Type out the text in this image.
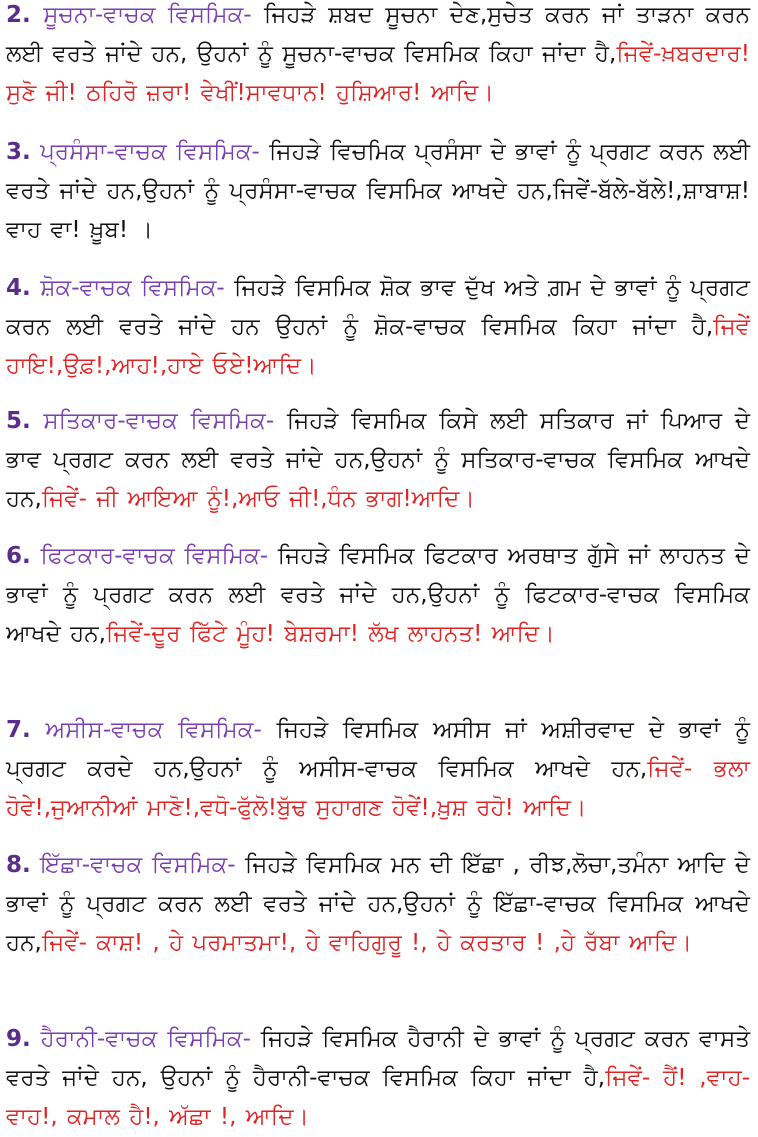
2. ਸੂਚਨਾ-ਵਾਚਕ ਵਿਸਮਿਕ- ਜਿਹੜੇ ਸ਼ਬਦ ਸੂਚਨਾ ਦੇਣ,ਸੁਚੇਤ ਕਰਨ ਜਾਂ ਤਾੜਨਾ ਕਰਨ ਲਈ ਵਰਤੇ ਜਾਂਦੇ ਹਨ, ਉਹਨਾਂ ਨੂੰ ਸੂਚਨਾ-ਵਾਚਕ ਵਿਸਮਿਕ ਕਿਹਾ ਜਾਂਦਾ ਹੈ,ਜਿਵੇਂ-ਖ਼ਬਰਦਾਰ! ਸੁਣੋ ਜੀ! ਠਹਿਰੋ ਜ਼ਰਾ! ਵੇਖੀਂ!ਸਾਵਧਾਨ! ਹੁਸ਼ਿਆਰ! ਆਦਿ।

3. ਪ੍ਰਸੰਸਾ-ਵਾਚਕ ਵਿਸਮਿਕ- ਜਿਹੜੇ ਵਿਚਮਿਕ ਪ੍ਰਸੰਸਾ ਦੇ ਭਾਵਾਂ ਨੂੰ ਪ੍ਰਗਟ ਕਰਨ ਲਈ ਵਰਤੇ ਜਾਂਦੇ ਹਨ,ਉਹਨਾਂ ਨੂੰ ਪ੍ਰਸੰਸਾ-ਵਾਚਕ ਵਿਸਮਿਕ ਆਖਦੇ ਹਨ,ਜਿਵੇਂ-ਬੱਲੇ-ਬੱਲੇ!,ਸ਼ਾਬਾਸ਼!ਵਾਹ ਵਾ! ਖ਼ੂਬ! ।

4. ਸ਼ੋਕ-ਵਾਚਕ ਵਿਸਮਿਕ- ਜਿਹੜੇ ਵਿਸਮਿਕ ਸ਼ੋਕ ਭਾਵ ਦੁੱਖ ਅਤੇ ਗ਼ਮ ਦੇ ਭਾਵਾਂ ਨੂੰ ਪ੍ਰਗਟ ਕਰਨ ਲਈ ਵਰਤੇ ਜਾਂਦੇ ਹਨ ਉਹਨਾਂ ਨੂੰ ਸ਼ੋਕ-ਵਾਚਕ ਵਿਸਮਿਕ ਕਿਹਾ ਜਾਂਦਾ ਹੈ,ਜਿਵੇਂ ਹਾਇ!,ਉਫ਼!,ਆਹ!,ਹਾਏ ਓਏ!ਆਦਿ।

5. ਸਤਿਕਾਰ-ਵਾਚਕ ਵਿਸਮਿਕ- ਜਿਹੜੇ ਵਿਸਮਿਕ ਕਿਸੇ ਲਈ ਸਤਿਕਾਰ ਜਾਂ ਪਿਆਰ ਦੇ ਭਾਵ ਪ੍ਰਗਟ ਕਰਨ ਲਈ ਵਰਤੇ ਜਾਂਦੇ ਹਨ,ਉਹਨਾਂ ਨੂੰ ਸਤਿਕਾਰ-ਵਾਚਕ ਵਿਸਮਿਕ ਆਖਦੇ ਹਨ,ਜਿਵੇਂ- ਜੀ ਆਇਆ ਨੂੰ!,ਆਓ ਜੀ!,ਧੰਨ ਭਾਗ!ਆਦਿ।

6. ਫਿਟਕਾਰ-ਵਾਚਕ ਵਿਸਮਿਕ- ਜਿਹੜੇ ਵਿਸਮਿਕ ਫਿਟਕਾਰ ਅਰਥਾਤ ਗੁੱਸੇ ਜਾਂ ਲਾਹਨਤ ਦੇ ਭਾਵਾਂ ਨੂੰ ਪ੍ਰਗਟ ਕਰਨ ਲਈ ਵਰਤੇ ਜਾਂਦੇ ਹਨ,ਉਹਨਾਂ ਨੂੰ ਫਿਟਕਾਰ-ਵਾਚਕ ਵਿਸਮਿਕ ਆਖਦੇ ਹਨ,ਜਿਵੇਂ-ਦੂਰ ਫਿੱਟੇ ਮੂੰਹ! ਬੇਸ਼ਰਮਾ! ਲੱਖ ਲਾਹਨਤ! ਆਦਿ।

7. ਅਸੀਸ-ਵਾਚਕ ਵਿਸਮਿਕ- ਜਿਹੜੇ ਵਿਸਮਿਕ ਅਸੀਸ ਜਾਂ ਅਸ਼ੀਰਵਾਦ ਦੇ ਭਾਵਾਂ ਨੂੰ ਪ੍ਰਗਟ ਕਰਦੇ ਹਨ,ਉਹਨਾਂ ਨੂੰ ਅਸੀਸ-ਵਾਚਕ ਵਿਸਮਿਕ ਆਖਦੇ ਹਨ,ਜਿਵੇਂ- ਭਲਾ ਹੋਵੇ!,ਜੁਆਨੀਆਂ ਮਾਣੋ!,ਵਧੋ-ਫੁੱਲੋ!ਬੁੱਢ ਸੁਹਾਗਣ ਹੋਵੇਂ!,ਖ਼ੁਸ਼ ਰਹੋ! ਆਦਿ।

8. ਇੱਛਾ-ਵਾਚਕ ਵਿਸਮਿਕ- ਜਿਹੜੇ ਵਿਸਮਿਕ ਮਨ ਦੀ ਇੱਛਾ , ਰੀਝ,ਲੋਚਾ,ਤਮੰਨਾ ਆਦਿ ਦੇ ਭਾਵਾਂ ਨੂੰ ਪ੍ਰਗਟ ਕਰਨ ਲਈ ਵਰਤੇ ਜਾਂਦੇ ਹਨ,ਉਹਨਾਂ ਨੂੰ ਇੱਛਾ-ਵਾਚਕ ਵਿਸਮਿਕ ਆਖਦੇ ਹਨ,ਜਿਵੇਂ- ਕਾਸ਼! , ਹੇ ਪਰਮਾਤਮਾ!, ਹੇ ਵਾਹਿਗੁਰੂ !, ਹੇ ਕਰਤਾਰ ! ,ਹੇ ਰੱਬਾ ਆਦਿ।

9. ਹੈਰਾਨੀ-ਵਾਚਕ ਵਿਸਮਿਕ- ਜਿਹੜੇ ਵਿਸਮਿਕ ਹੈਰਾਨੀ ਦੇ ਭਾਵਾਂ ਨੂੰ ਪ੍ਰਗਟ ਕਰਨ ਵਾਸਤੇ ਵਰਤੇ ਜਾਂਦੇ ਹਨ, ਉਹਨਾਂ ਨੂੰ ਹੈਰਾਨੀ-ਵਾਚਕ ਵਿਸਮਿਕ ਕਿਹਾ ਜਾਂਦਾ ਹੈ,ਜਿਵੇਂ- ਹੈਂ! ,ਵਾਹ-ਵਾਹ!, ਕਮਾਲ ਹੈ!, ਅੱਛਾ !, ਆਦਿ।
